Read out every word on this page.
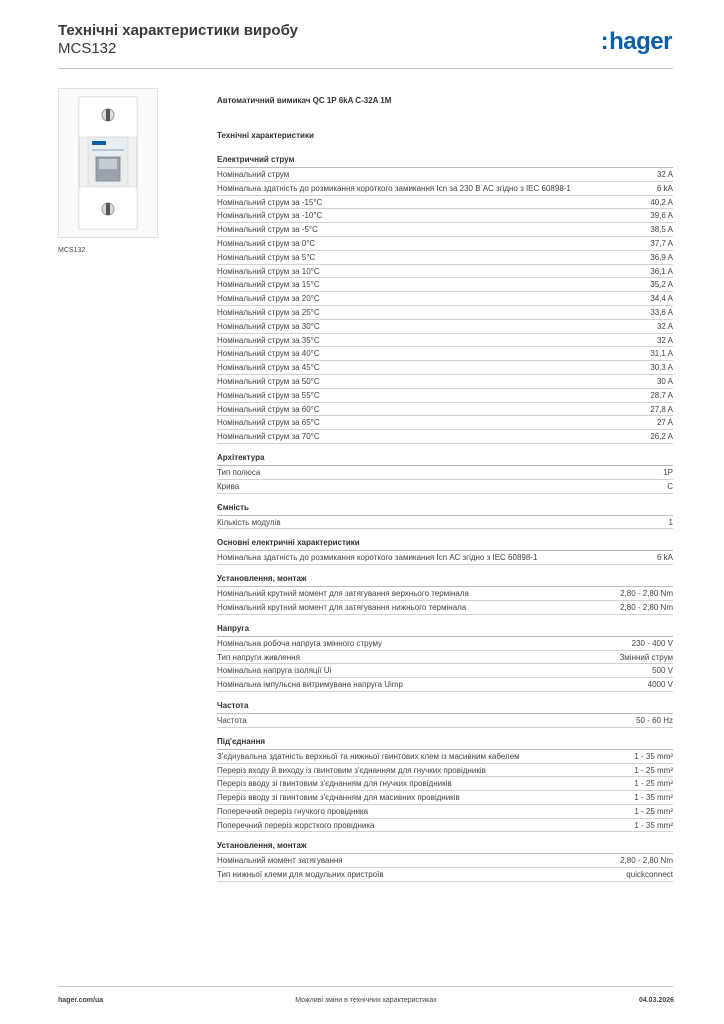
Технічні характеристики виробу
MCS132	:hager
MCS132
Автоматичний вимикач QC 1P 6kA C-32A 1M
Технічні характеристики
Електричний струм
Номінальний струм	32 A
Номінальна здатність до розмикання короткого замикання Icn за 230 В АС згідно з IEC 60898-1	6 kA
Номінальний струм за -15°C	40,2 A
Номінальний струм за -10°C	39,6 A
Номінальний струм за -5°C	38,5 A
Номінальний струм за 0°C	37,7 A
Номінальний струм за 5°C	36,9 A
Номінальний струм за 10°C	36,1 A
Номінальний струм за 15°C	35,2 A
Номінальний струм за 20°C	34,4 A
Номінальний струм за 25°C	33,6 A
Номінальний струм за 30°C	32 A
Номінальний струм за 35°C	32 A
Номінальний струм за 40°C	31,1 A
Номінальний струм за 45°C	30,3 A
Номінальний струм за 50°C	30 A
Номінальний струм за 55°C	28,7 A
Номінальний струм за 60°C	27,8 A
Номінальний струм за 65°C	27 A
Номінальний струм за 70°C	26,2 A
Архітектура
Тип полюса	1P
Крива	C
Ємність
Кількість модулів	1
Основні електричні характеристики
Номінальна здатність до розмикання короткого замикання Icn АС згідно з IEC 60898-1	6 kA
Установлення, монтаж
Номінальний крутний момент для затягування верхнього термінала	2,80 - 2,80 Nm
Номінальний крутний момент для затягування нижнього термінала	2,80 - 2,80 Nm
Напруга
Номінальна робоча напруга змінного струму	230 - 400 V
Тип напруги живлення	Змінний струм
Номінальна напруга ізоляції Ui	500 V
Номінальна імпульсна витримувана напруга Uimp	4000 V
Частота
Частота	50 - 60 Hz
Під'єднання
З'єднувальна здатність верхньої та нижньої гвинтових клем із масивним кабелем	1 - 35 mm²
Переріз входу й виходу із гвинтовим з'єднанням для гнучких провідників	1 - 25 mm²
Переріз вводу зі гвинтовим з'єднанням для гнучких провідників	1 - 25 mm²
Переріз вводу зі гвинтовим з'єднанням для масивних провідників	1 - 35 mm²
Поперечний переріз гнучкого провідника	1 - 25 mm²
Поперечний переріз жорсткого провідника	1 - 35 mm²
Установлення, монтаж
Номінальний момент затягування	2,80 - 2,80 Nm
Тип нижньої клеми для модульних пристроїв	quickconnect
hager.com/ua	Можливі зміни в технічних характеристиках	04.03.2026
